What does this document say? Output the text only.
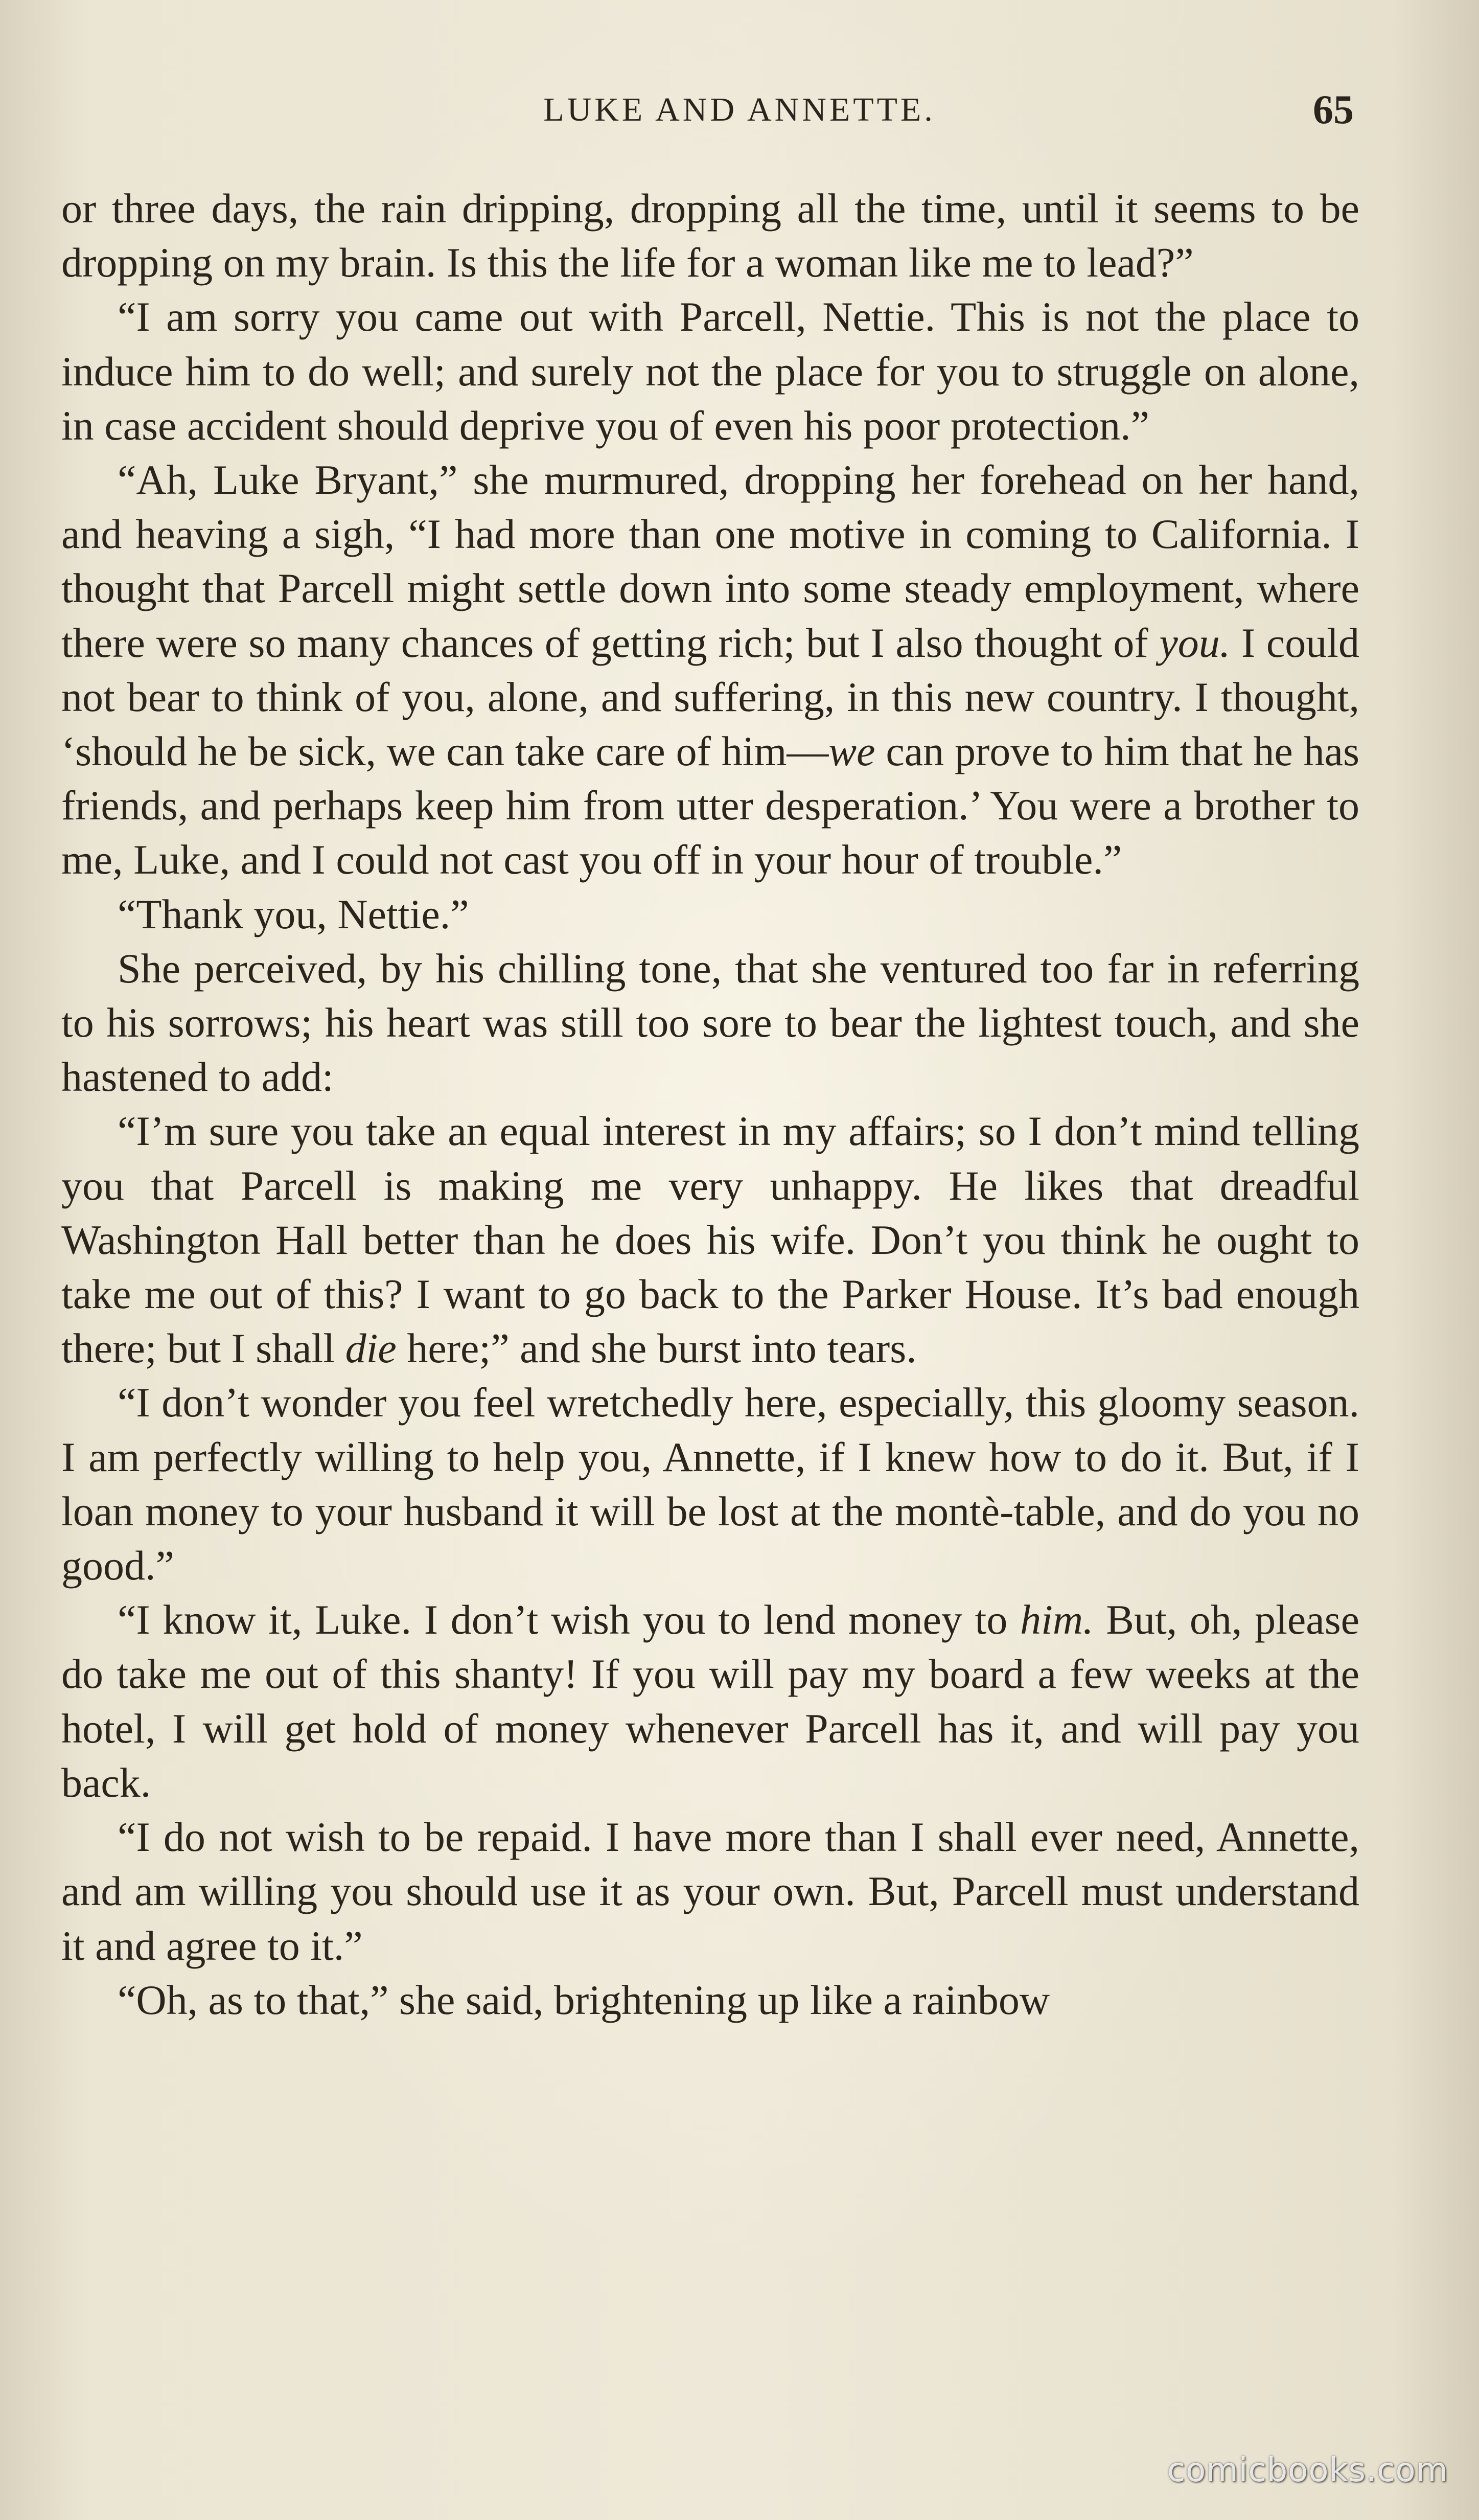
LUKE AND ANNETTE.	65

or three days, the rain dripping, dropping all the time, until it seems to be dropping on my brain. Is this the life for a woman like me to lead?”

“I am sorry you came out with Parcell, Nettie. This is not the place to induce him to do well; and surely not the place for you to struggle on alone, in case accident should deprive you of even his poor protection.”

“Ah, Luke Bryant,” she murmured, dropping her forehead on her hand, and heaving a sigh, “I had more than one motive in coming to California. I thought that Parcell might settle down into some steady employment, where there were so many chances of getting rich; but I also thought of you. I could not bear to think of you, alone, and suffering, in this new country. I thought, ‘should he be sick, we can take care of him—we can prove to him that he has friends, and perhaps keep him from utter desperation.’ You were a brother to me, Luke, and I could not cast you off in your hour of trouble.”

“Thank you, Nettie.”

She perceived, by his chilling tone, that she ventured too far in referring to his sorrows; his heart was still too sore to bear the lightest touch, and she hastened to add:

“I’m sure you take an equal interest in my affairs; so I don’t mind telling you that Parcell is making me very unhappy. He likes that dreadful Washington Hall better than he does his wife. Don’t you think he ought to take me out of this? I want to go back to the Parker House. It’s bad enough there; but I shall die here;” and she burst into tears.

“I don’t wonder you feel wretchedly here, especially, this gloomy season. I am perfectly willing to help you, Annette, if I knew how to do it. But, if I loan money to your husband it will be lost at the montè-table, and do you no good.”

“I know it, Luke. I don’t wish you to lend money to him. But, oh, please do take me out of this shanty! If you will pay my board a few weeks at the hotel, I will get hold of money whenever Parcell has it, and will pay you back.

“I do not wish to be repaid. I have more than I shall ever need, Annette, and am willing you should use it as your own. But, Parcell must understand it and agree to it.”

“Oh, as to that,” she said, brightening up like a rainbow

comicbooks.com
